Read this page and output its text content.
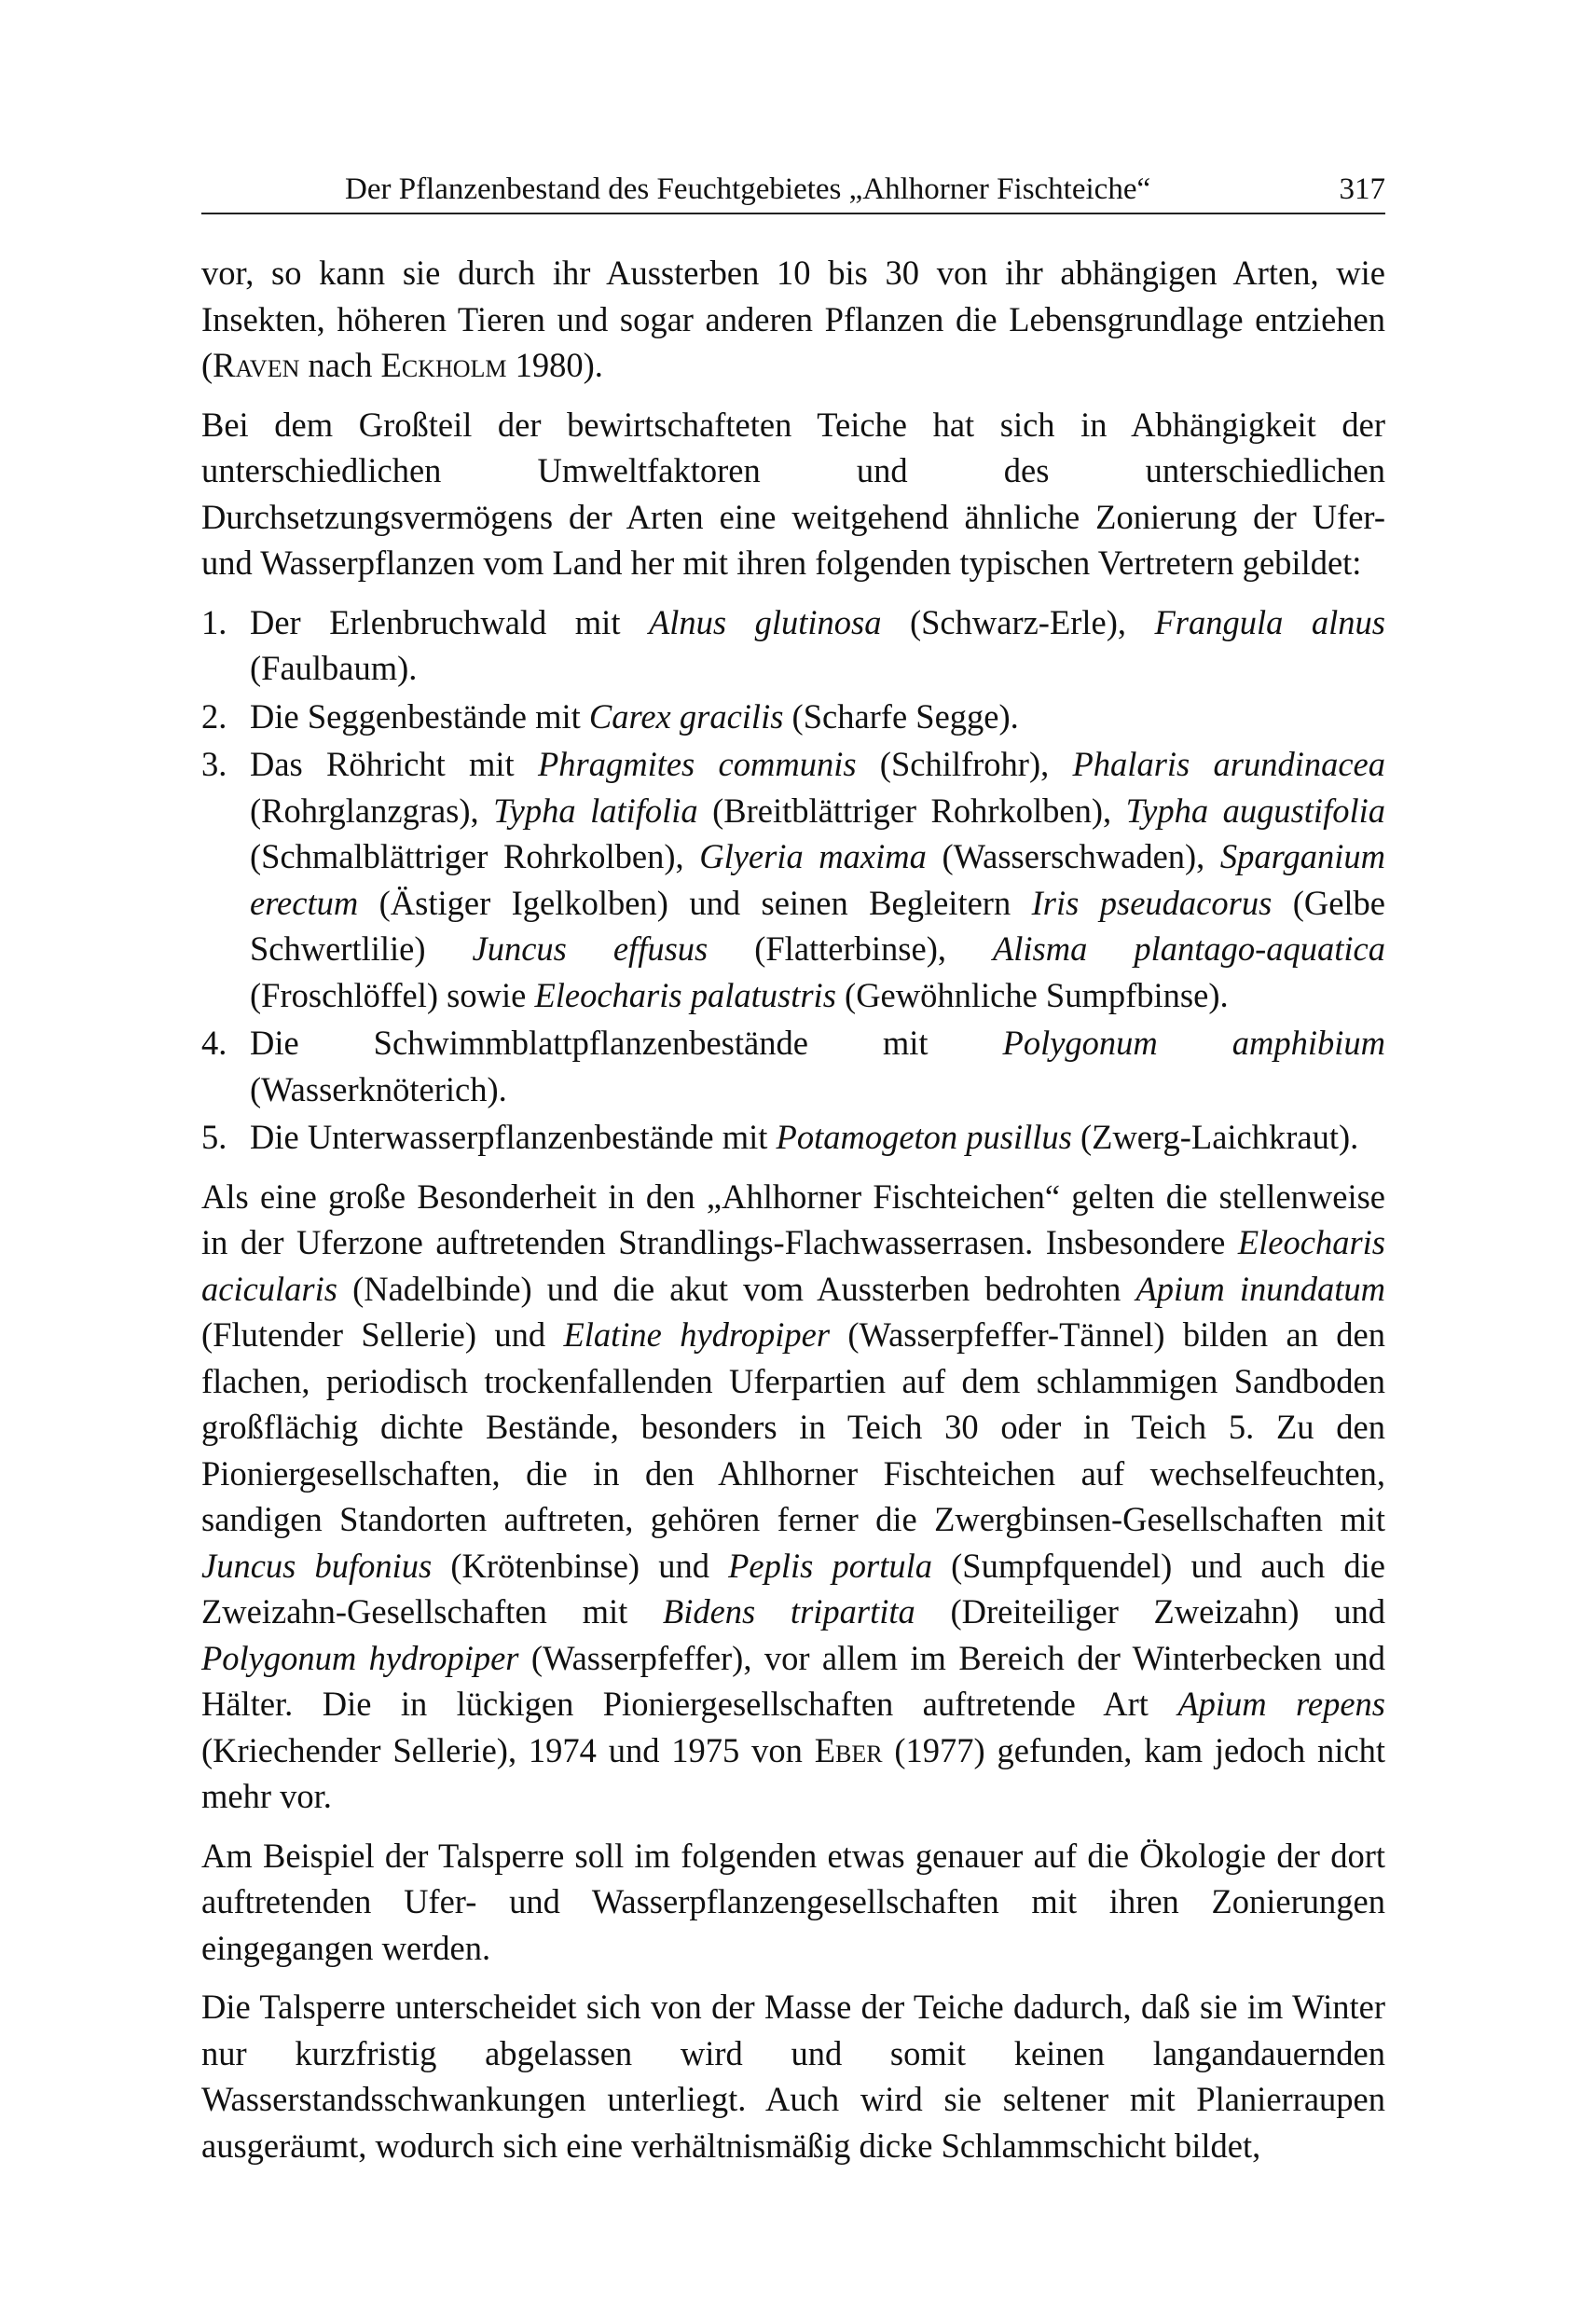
Der Pflanzenbestand des Feuchtgebietes „Ahlhorner Fischteiche“	317

vor, so kann sie durch ihr Aussterben 10 bis 30 von ihr abhängigen Arten, wie Insekten, höheren Tieren und sogar anderen Pflanzen die Lebensgrundlage entziehen (Raven nach Eckholm 1980).

Bei dem Großteil der bewirtschafteten Teiche hat sich in Abhängigkeit der unterschiedlichen Umweltfaktoren und des unterschiedlichen Durchsetzungsvermögens der Arten eine weitgehend ähnliche Zonierung der Ufer- und Wasserpflanzen vom Land her mit ihren folgenden typischen Vertretern gebildet:

1. Der Erlenbruchwald mit Alnus glutinosa (Schwarz-Erle), Frangula alnus (Faulbaum).
2. Die Seggenbestände mit Carex gracilis (Scharfe Segge).
3. Das Röhricht mit Phragmites communis (Schilfrohr), Phalaris arundinacea (Rohrglanzgras), Typha latifolia (Breitblättriger Rohrkolben), Typha augustifolia (Schmalblättriger Rohrkolben), Glyeria maxima (Wasserschwaden), Sparganium erectum (Ästiger Igelkolben) und seinen Begleitern Iris pseudacorus (Gelbe Schwertlilie) Juncus effusus (Flatterbinse), Alisma plantago-aquatica (Froschlöffel) sowie Eleocharis palatustris (Gewöhnliche Sumpfbinse).
4. Die Schwimmblattpflanzenbestände mit Polygonum amphibium (Wasserknöterich).
5. Die Unterwasserpflanzenbestände mit Potamogeton pusillus (Zwerg-Laichkraut).

Als eine große Besonderheit in den „Ahlhorner Fischteichen“ gelten die stellenweise in der Uferzone auftretenden Strandlings-Flachwasserrasen. Insbesondere Eleocharis acicularis (Nadelbinde) und die akut vom Aussterben bedrohten Apium inundatum (Flutender Sellerie) und Elatine hydropiper (Wasserpfeffer-Tännel) bilden an den flachen, periodisch trockenfallenden Uferpartien auf dem schlammigen Sandboden großflächig dichte Bestände, besonders in Teich 30 oder in Teich 5. Zu den Pioniergesellschaften, die in den Ahlhorner Fischteichen auf wechselfeuchten, sandigen Standorten auftreten, gehören ferner die Zwergbinsen-Gesellschaften mit Juncus bufonius (Krötenbinse) und Peplis portula (Sumpfquendel) und auch die Zweizahn-Gesellschaften mit Bidens tripartita (Dreiteiliger Zweizahn) und Polygonum hydropiper (Wasserpfeffer), vor allem im Bereich der Winterbecken und Hälter. Die in lückigen Pioniergesellschaften auftretende Art Apium repens (Kriechender Sellerie), 1974 und 1975 von Eber (1977) gefunden, kam jedoch nicht mehr vor.

Am Beispiel der Talsperre soll im folgenden etwas genauer auf die Ökologie der dort auftretenden Ufer- und Wasserpflanzengesellschaften mit ihren Zonierungen eingegangen werden.

Die Talsperre unterscheidet sich von der Masse der Teiche dadurch, daß sie im Winter nur kurzfristig abgelassen wird und somit keinen langandauernden Wasserstandsschwankungen unterliegt. Auch wird sie seltener mit Planierraupen ausgeräumt, wodurch sich eine verhältnismäßig dicke Schlammschicht bildet,
